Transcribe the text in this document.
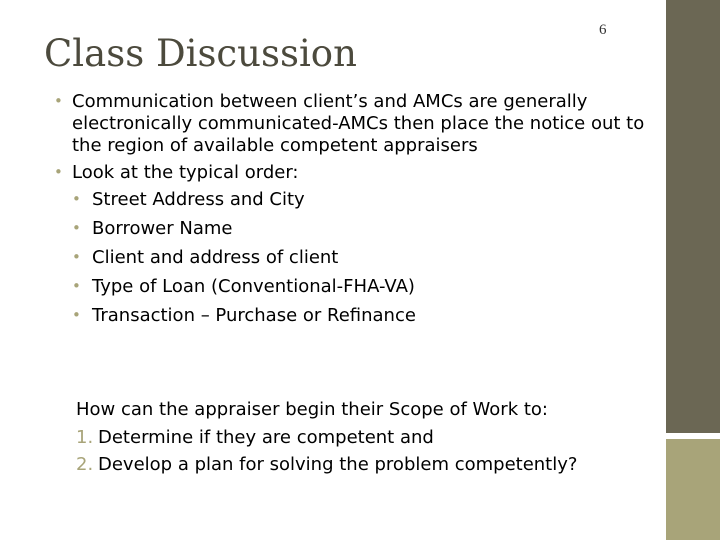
Class Discussion
6
• Communication between client’s and AMCs are generally electronically communicated-AMCs then place the notice out to the region of available competent appraisers
• Look at the typical order:
• Street Address and City
• Borrower Name
• Client and address of client
• Type of Loan (Conventional-FHA-VA)
• Transaction – Purchase or Refinance
How can the appraiser begin their Scope of Work to:
1. Determine if they are competent and
2. Develop a plan for solving the problem competently?
